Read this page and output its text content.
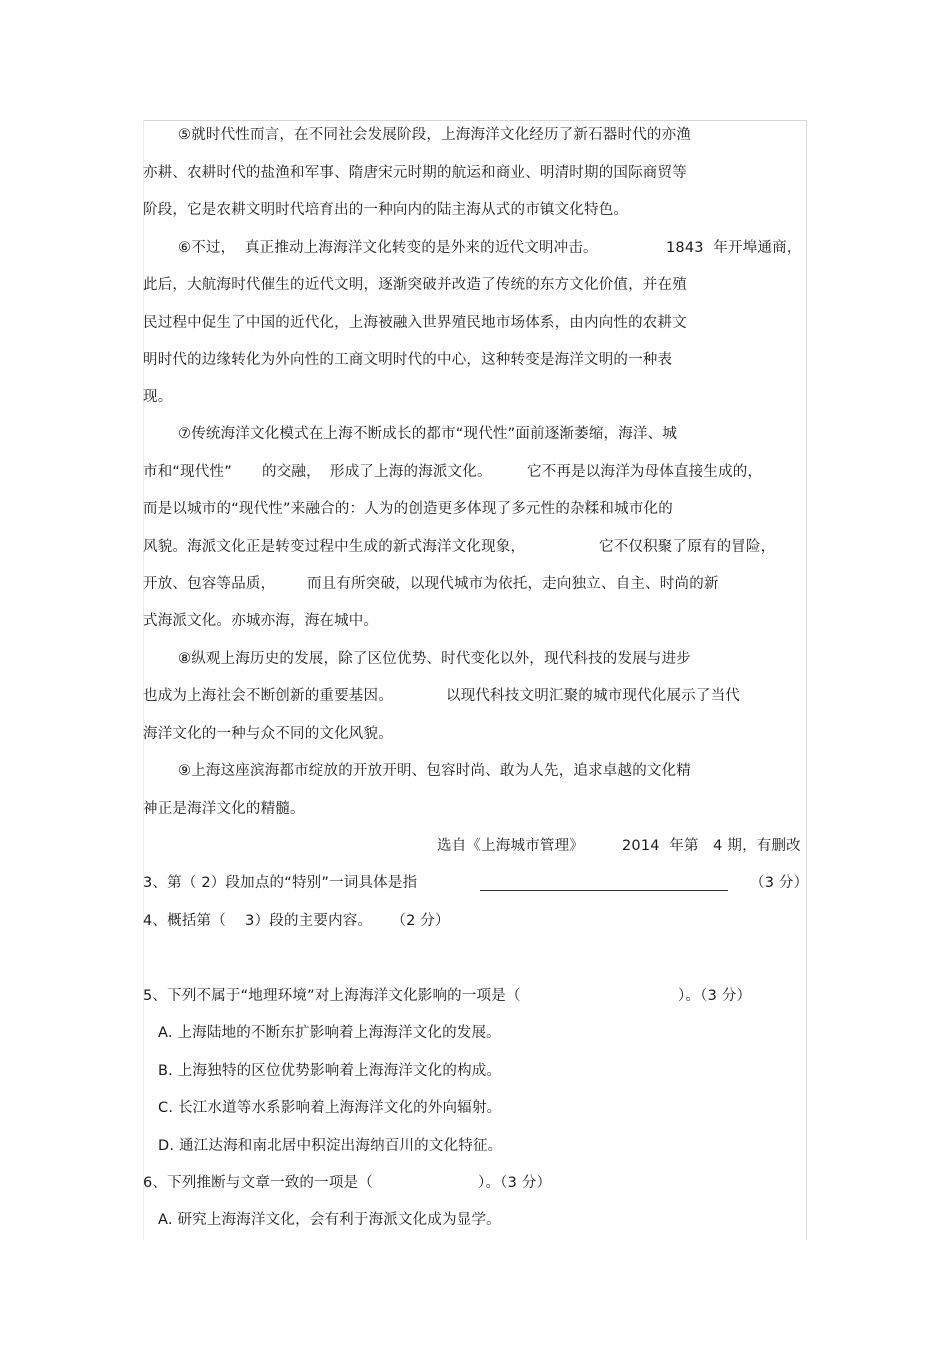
⑤就时代性而言，在不同社会发展阶段，上海海洋文化经历了新石器时代的亦渔
亦耕、农耕时代的盐渔和军事、隋唐宋元时期的航运和商业、明清时期的国际商贸等
阶段，它是农耕文明时代培育出的一种向内的陆主海从式的市镇文化特色。
⑥不过，  真正推动上海海洋文化转变的是外来的近代文明冲击。	1843  年开埠通商，
此后，大航海时代催生的近代文明，逐渐突破并改造了传统的东方文化价值，并在殖
民过程中促生了中国的近代化，上海被融入世界殖民地市场体系，由内向性的农耕文
明时代的边缘转化为外向性的工商文明时代的中心，这种转变是海洋文明的一种表
现。
⑦传统海洋文化模式在上海不断成长的都市“现代性”面前逐渐萎缩，海洋、城
市和“现代性” 的交融， 形成了上海的海派文化。 它不再是以海洋为母体直接生成的，
而是以城市的“现代性”来融合的：人为的创造更多体现了多元性的杂糅和城市化的
风貌。海派文化正是转变过程中生成的新式海洋文化现象，	它不仅积聚了原有的冒险，
开放、包容等品质， 而且有所突破，以现代城市为依托，走向独立、自主、时尚的新
式海派文化。亦城亦海，海在城中。
⑧纵观上海历史的发展，除了区位优势、时代变化以外，现代科技的发展与进步
也成为上海社会不断创新的重要基因。	以现代科技文明汇聚的城市现代化展示了当代
海洋文化的一种与众不同的文化风貌。
⑨上海这座滨海都市绽放的开放开明、包容时尚、敢为人先，追求卓越的文化精
神正是海洋文化的精髓。
选自《上海城市管理》	2014  年第   4 期，有删改
3、第（ 2）段加点的“特别”一词具体是指	（3 分）
4、概括第（    3）段的主要内容。    （2 分）
5、下列不属于“地理环境”对上海海洋文化影响的一项是（	）。（3 分）
A. 上海陆地的不断东扩影响着上海海洋文化的发展。
B. 上海独特的区位优势影响着上海海洋文化的构成。
C. 长江水道等水系影响着上海海洋文化的外向辐射。
D. 通江达海和南北居中积淀出海纳百川的文化特征。
6、下列推断与文章一致的一项是（	）。（3 分）
A. 研究上海海洋文化，会有利于海派文化成为显学。
